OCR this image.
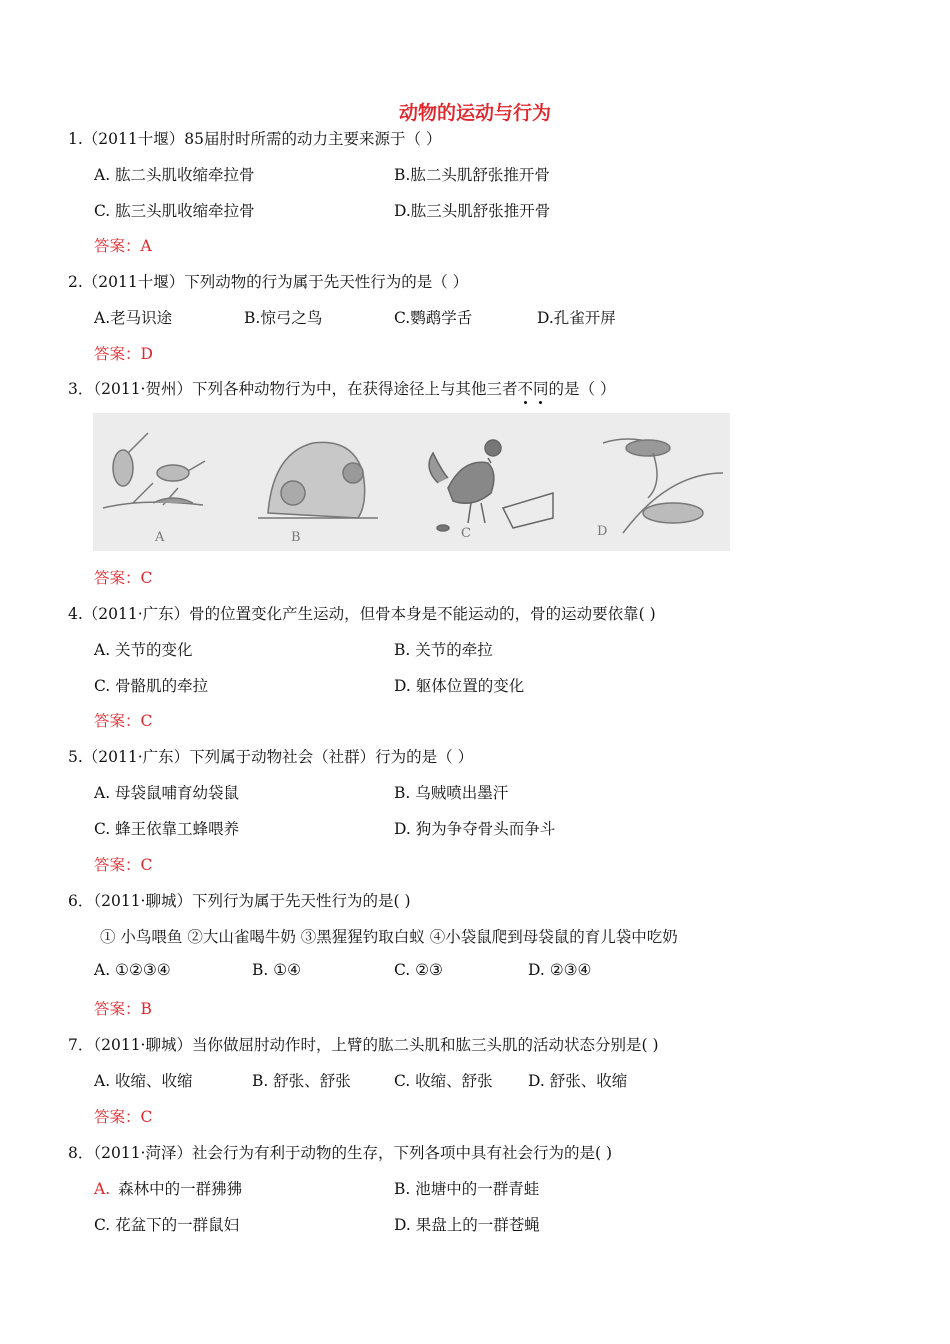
动物的运动与行为
1.（2011十堰）85届肘时所需的动力主要来源于（ ）
A. 肱二头肌收缩牵拉骨	B.肱二头肌舒张推开骨
C. 肱三头肌收缩牵拉骨	D.肱三头肌舒张推开骨
答案：A
2.（2011十堰）下列动物的行为属于先天性行为的是（ ）
A.老马识途	B.惊弓之鸟	C.鹦鹉学舌	D.孔雀开屏
答案：D
3．（2011·贺州）下列各种动物行为中，在获得途径上与其他三者不同的是（ ）
A	B	C	D
答案：C
4.（2011·广东）骨的位置变化产生运动，但骨本身是不能运动的，骨的运动要依靠( )
A. 关节的变化	B. 关节的牵拉
C. 骨骼肌的牵拉	D. 躯体位置的变化
答案：C
5.（2011·广东）下列属于动物社会（社群）行为的是（ ）
A. 母袋鼠哺育幼袋鼠	B. 乌贼喷出墨汗
C. 蜂王依靠工蜂喂养	D. 狗为争夺骨头而争斗
答案：C
6．（2011·聊城）下列行为属于先天性行为的是( )
① 小鸟喂鱼 ②大山雀喝牛奶 ③黑猩猩钓取白蚁 ④小袋鼠爬到母袋鼠的育儿袋中吃奶
A. ①②③④	B. ①④	C. ②③	D. ②③④
答案：B
7．（2011·聊城）当你做屈肘动作时，上臂的肱二头肌和肱三头肌的活动状态分别是( )
A. 收缩、收缩	B. 舒张、舒张	C. 收缩、舒张 D. 舒张、收缩
答案：C
8．（2011·菏泽）社会行为有利于动物的生存，下列各项中具有社会行为的是( )
A. 森林中的一群狒狒	B. 池塘中的一群青蛙
C. 花盆下的一群鼠妇	D. 果盘上的一群苍蝇
